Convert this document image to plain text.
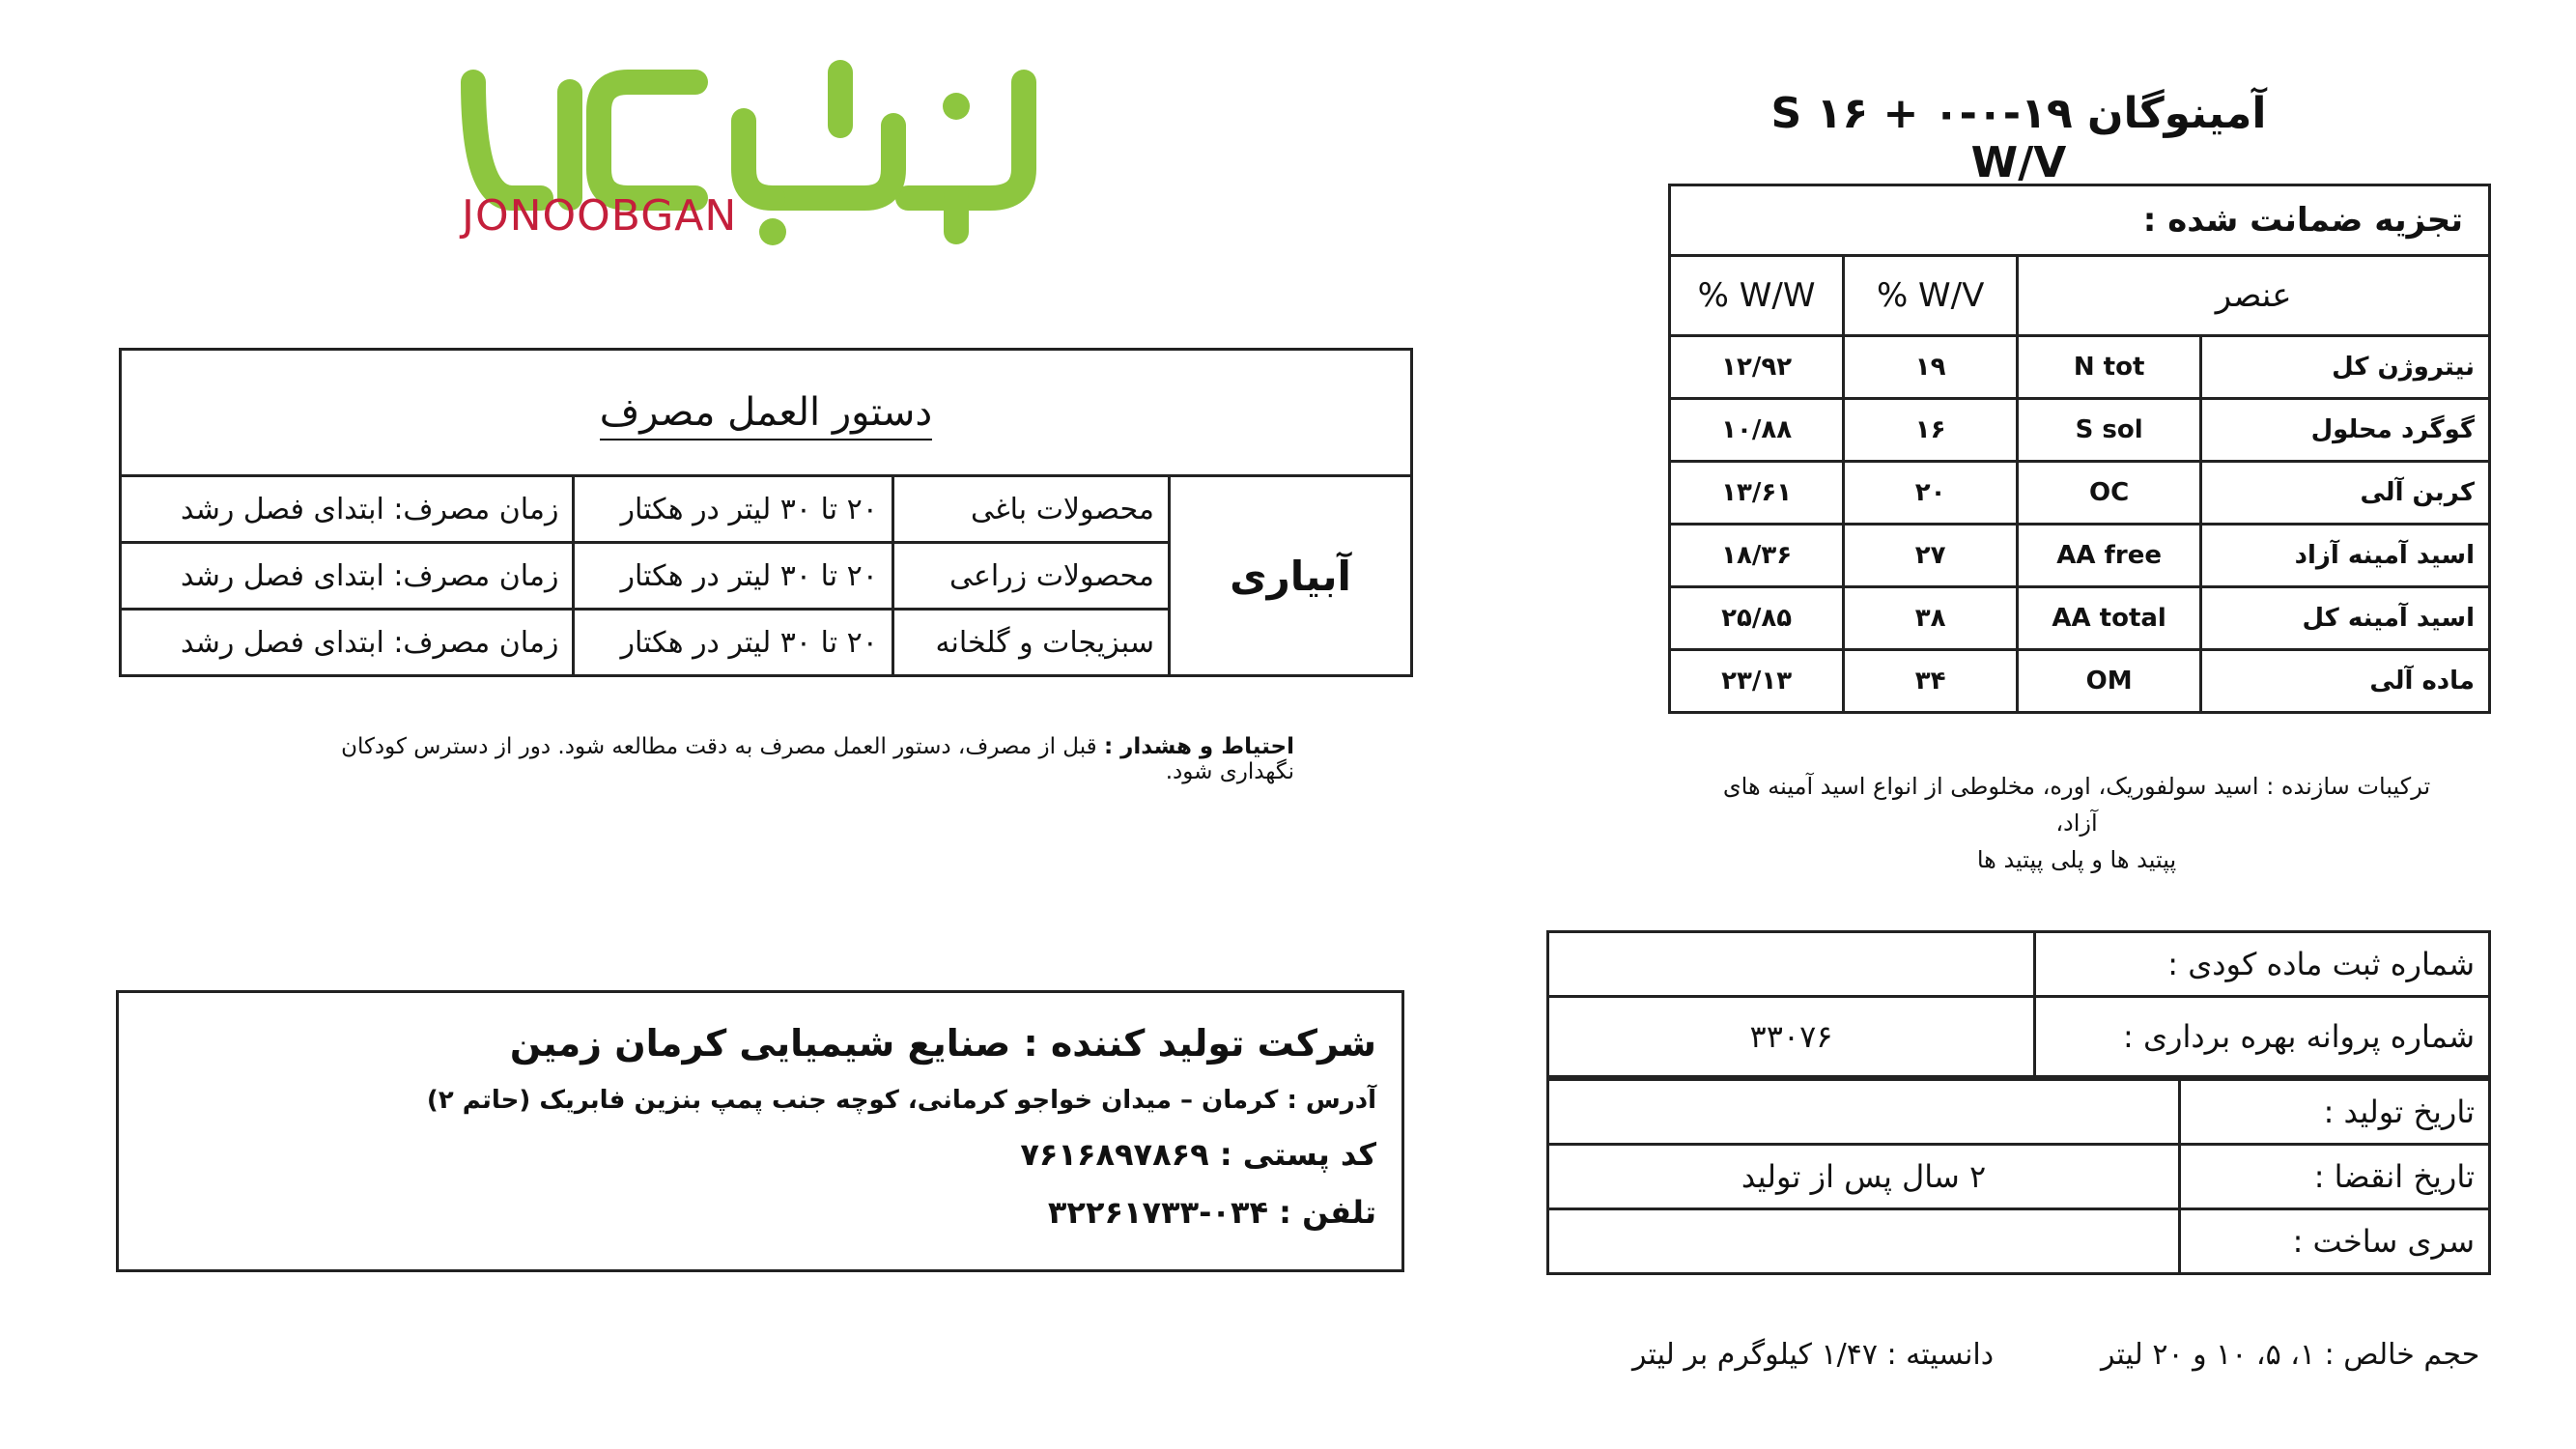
JONOOBGAN
آمینوگان S ۱۶ + ۰-۰-۱۹ W/V
تجزیه ضمانت شده :			
عنصر		% W/V	% W/W
نیتروژن کل	N tot	۱۹	۱۲/۹۲
گوگرد محلول	S sol	۱۶	۱۰/۸۸
کربن آلی	OC	۲۰	۱۳/۶۱
اسید آمینه آزاد	AA free	۲۷	۱۸/۳۶
اسید آمینه کل	AA total	۳۸	۲۵/۸۵
ماده آلی	OM	۳۴	۲۳/۱۳
ترکیبات سازنده : اسید سولفوریک، اوره، مخلوطی از انواع اسید آمینه های آزاد،
پپتید ها و پلی پپتید ها
دستور العمل مصرف			
آبیاری	محصولات باغی	۲۰ تا ۳۰ لیتر در هکتار	زمان مصرف: ابتدای فصل رشد
	محصولات زراعی	۲۰ تا ۳۰ لیتر در هکتار	زمان مصرف: ابتدای فصل رشد
	سبزیجات و گلخانه	۲۰ تا ۳۰ لیتر در هکتار	زمان مصرف: ابتدای فصل رشد
احتیاط و هشدار : قبل از مصرف، دستور العمل مصرف به دقت مطالعه شود. دور از دسترس کودکان نگهداری شود.
شرکت تولید کننده : صنایع شیمیایی کرمان زمین
آدرس : کرمان – میدان خواجو کرمانی، کوچه جنب پمپ بنزین فابریک (حاتم ۲)
کد پستی : ۷۶۱۶۸۹۷۸۶۹
تلفن : ۰۳۴-۳۲۲۶۱۷۳۳
شماره ثبت ماده کودی :	
شماره پروانه بهره برداری :	۳۳۰۷۶
تاریخ تولید :	
تاریخ انقضا :	۲ سال پس از تولید
سری ساخت :	
حجم خالص : ۱، ۵، ۱۰ و ۲۰ لیتر
دانسیته : ۱/۴۷ کیلوگرم بر لیتر
